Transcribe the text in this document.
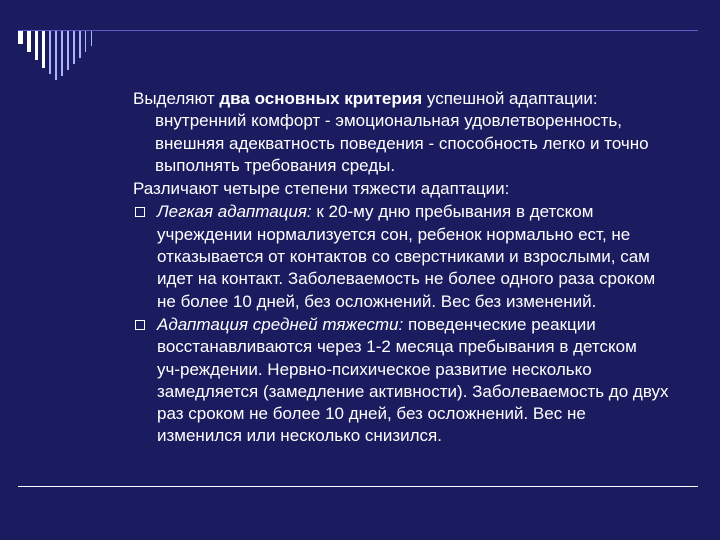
Выделяют два основных критерия успешной адаптации:
внутренний комфорт - эмоциональная удовлетворенность,
внешняя адекватность поведения - способность легко и точно
выполнять требования среды.

Различают четыре степени тяжести адаптации:

Легкая адаптация: к 20-му дню пребывания в детском
учреждении нормализуется сон, ребенок нормально ест, не
отказывается от контактов со сверстниками и взрослыми, сам
идет на контакт. Заболеваемость не более одного раза сроком
не более 10 дней, без осложнений. Вес без изменений.
Адаптация средней тяжести: поведенческие реакции
восстанавливаются через 1-2 месяца пребывания в детском
уч-реждении. Нервно-психическое развитие несколько
замедляется (замедление активности). Заболеваемость до двух
раз сроком не более 10 дней, без осложнений. Вес не
изменился или несколько снизился.
